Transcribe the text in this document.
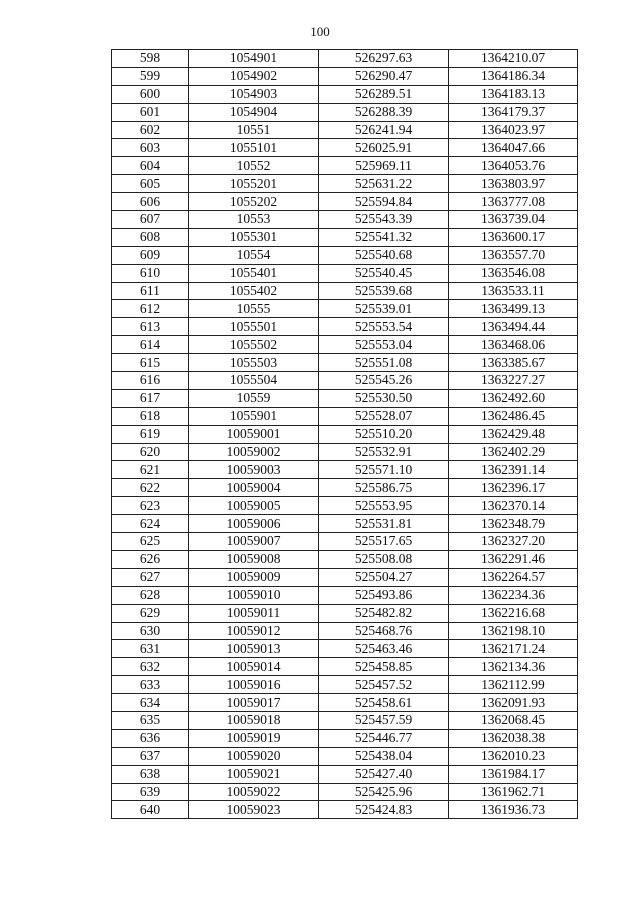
100
598	1054901	526297.63	1364210.07
599	1054902	526290.47	1364186.34
600	1054903	526289.51	1364183.13
601	1054904	526288.39	1364179.37
602	10551	526241.94	1364023.97
603	1055101	526025.91	1364047.66
604	10552	525969.11	1364053.76
605	1055201	525631.22	1363803.97
606	1055202	525594.84	1363777.08
607	10553	525543.39	1363739.04
608	1055301	525541.32	1363600.17
609	10554	525540.68	1363557.70
610	1055401	525540.45	1363546.08
611	1055402	525539.68	1363533.11
612	10555	525539.01	1363499.13
613	1055501	525553.54	1363494.44
614	1055502	525553.04	1363468.06
615	1055503	525551.08	1363385.67
616	1055504	525545.26	1363227.27
617	10559	525530.50	1362492.60
618	1055901	525528.07	1362486.45
619	10059001	525510.20	1362429.48
620	10059002	525532.91	1362402.29
621	10059003	525571.10	1362391.14
622	10059004	525586.75	1362396.17
623	10059005	525553.95	1362370.14
624	10059006	525531.81	1362348.79
625	10059007	525517.65	1362327.20
626	10059008	525508.08	1362291.46
627	10059009	525504.27	1362264.57
628	10059010	525493.86	1362234.36
629	10059011	525482.82	1362216.68
630	10059012	525468.76	1362198.10
631	10059013	525463.46	1362171.24
632	10059014	525458.85	1362134.36
633	10059016	525457.52	1362112.99
634	10059017	525458.61	1362091.93
635	10059018	525457.59	1362068.45
636	10059019	525446.77	1362038.38
637	10059020	525438.04	1362010.23
638	10059021	525427.40	1361984.17
639	10059022	525425.96	1361962.71
640	10059023	525424.83	1361936.73
